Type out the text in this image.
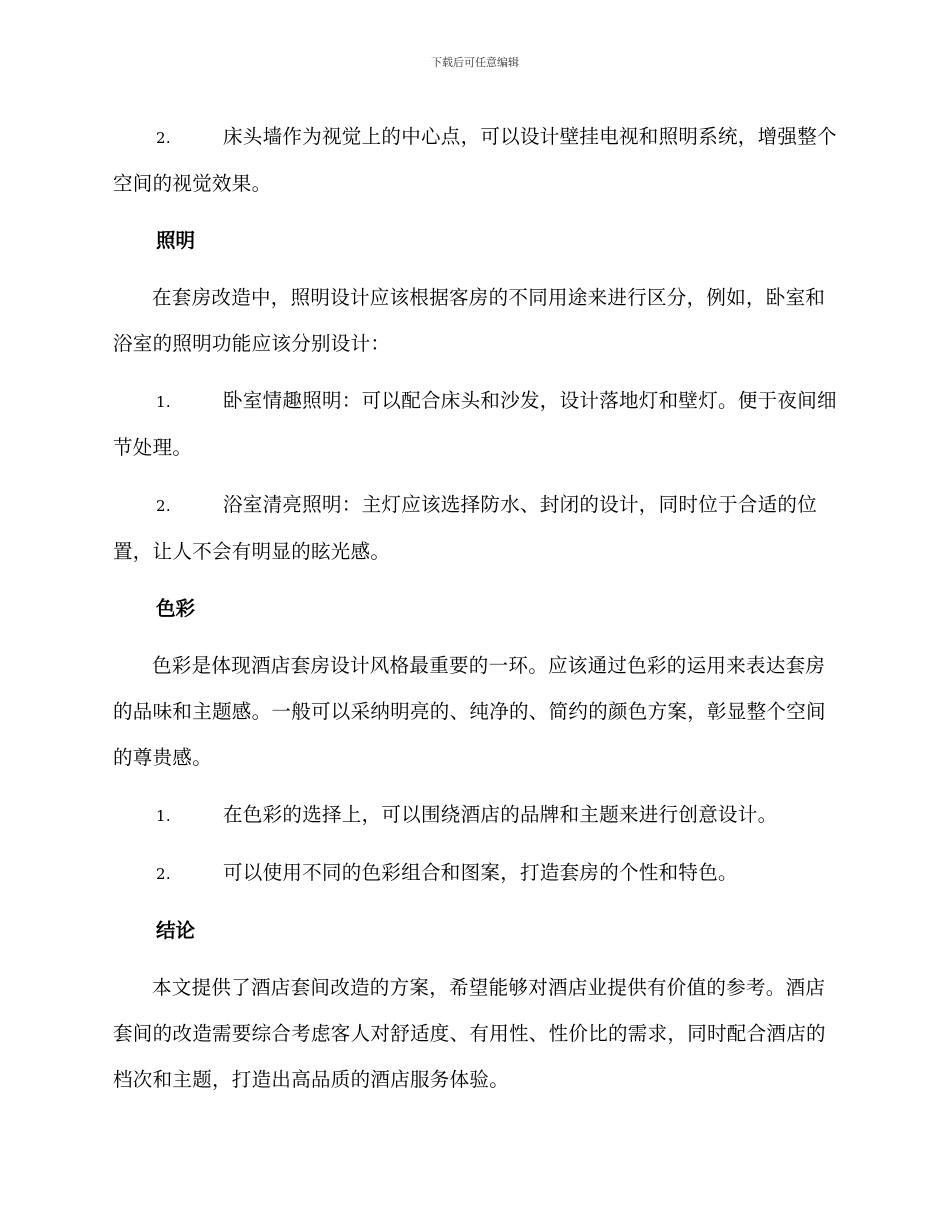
下载后可任意编辑

2.	床头墙作为视觉上的中心点，可以设计壁挂电视和照明系统，增强整个空间的视觉效果。

照明

在套房改造中，照明设计应该根据客房的不同用途来进行区分，例如，卧室和浴室的照明功能应该分别设计：

1.	卧室情趣照明：可以配合床头和沙发，设计落地灯和壁灯。便于夜间细节处理。

2.	浴室清亮照明：主灯应该选择防水、封闭的设计，同时位于合适的位置，让人不会有明显的眩光感。

色彩

色彩是体现酒店套房设计风格最重要的一环。应该通过色彩的运用来表达套房的品味和主题感。一般可以采纳明亮的、纯净的、简约的颜色方案，彰显整个空间的尊贵感。

1.	在色彩的选择上，可以围绕酒店的品牌和主题来进行创意设计。

2.	可以使用不同的色彩组合和图案，打造套房的个性和特色。

结论

本文提供了酒店套间改造的方案，希望能够对酒店业提供有价值的参考。酒店套间的改造需要综合考虑客人对舒适度、有用性、性价比的需求，同时配合酒店的档次和主题，打造出高品质的酒店服务体验。
